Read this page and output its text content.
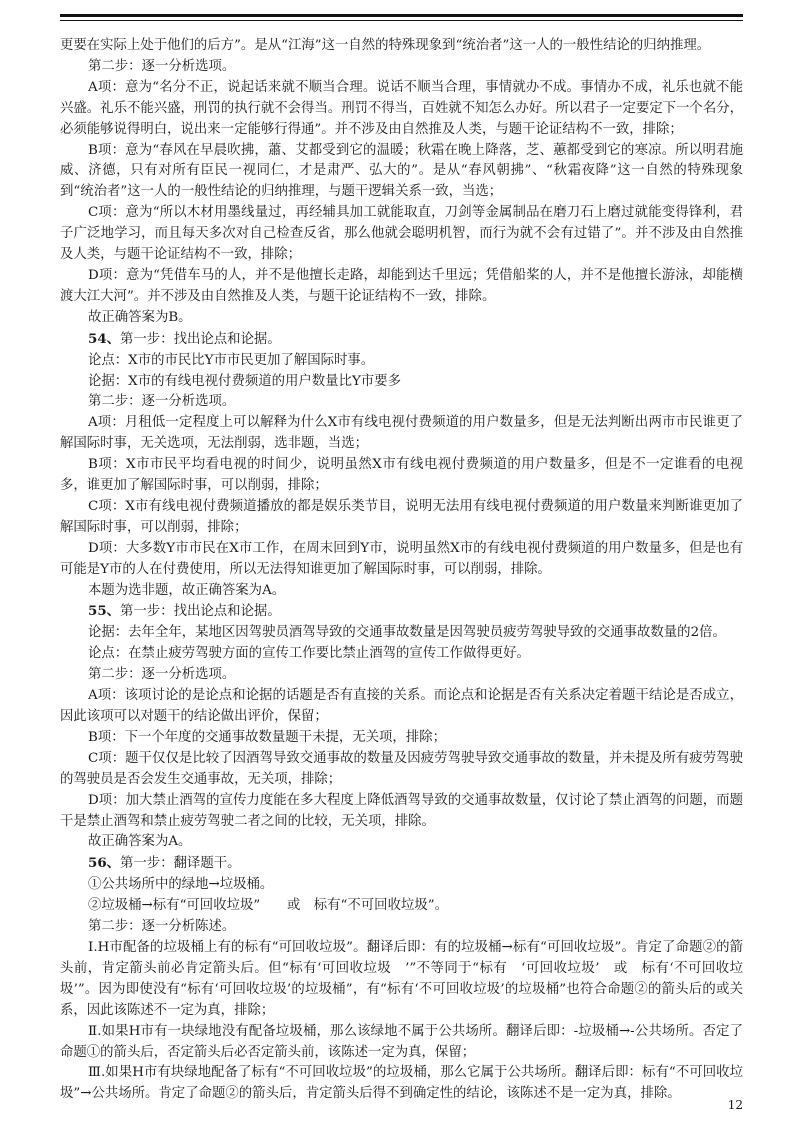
更要在实际上处于他们的后方”。是从“江海”这一自然的特殊现象到“统治者”这一人的一般性结论的归纳推理。

第二步：逐一分析选项。

A项：意为“名分不正，说起话来就不顺当合理。说话不顺当合理，事情就办不成。事情办不成，礼乐也就不能兴盛。礼乐不能兴盛，刑罚的执行就不会得当。刑罚不得当，百姓就不知怎么办好。所以君子一定要定下一个名分，必须能够说得明白，说出来一定能够行得通”。并不涉及由自然推及人类，与题干论证结构不一致，排除；

B项：意为“春风在早晨吹拂，蕭、艾都受到它的温暖；秋霜在晚上降落，芝、蕙都受到它的寒凉。所以明君施威、济德，只有对所有臣民一视同仁，才是肃严、弘大的”。是从“春风朝拂”、“秋霜夜降”这一自然的特殊现象到“统治者”这一人的一般性结论的归纳推理，与题干逻辑关系一致，当选；

C项：意为“所以木材用墨线量过，再经辅具加工就能取直，刀剑等金属制品在磨刀石上磨过就能变得锋利，君子广泛地学习，而且每天多次对自己检查反省，那么他就会聪明机智，而行为就不会有过错了”。并不涉及由自然推及人类，与题干论证结构不一致，排除；

D项：意为“凭借车马的人，并不是他擅长走路，却能到达千里远；凭借船桨的人，并不是他擅长游泳，却能横渡大江大河”。并不涉及由自然推及人类，与题干论证结构不一致，排除。

故正确答案为B。

54、第一步：找出论点和论据。

论点：X市的市民比Y市市民更加了解国际时事。

论据：X市的有线电视付费频道的用户数量比Y市要多

第二步：逐一分析选项。

A项：月租低一定程度上可以解释为什么X市有线电视付费频道的用户数量多，但是无法判断出两市市民谁更了解国际时事，无关选项，无法削弱，选非题，当选；

B项：X市市民平均看电视的时间少，说明虽然X市有线电视付费频道的用户数量多，但是不一定谁看的电视多，谁更加了解国际时事，可以削弱，排除；

C项：X市有线电视付费频道播放的都是娱乐类节目，说明无法用有线电视付费频道的用户数量来判断谁更加了解国际时事，可以削弱，排除；

D项：大多数Y市市民在X市工作，在周末回到Y市，说明虽然X市的有线电视付费频道的用户数量多，但是也有可能是Y市的人在付费使用，所以无法得知谁更加了解国际时事，可以削弱，排除。

本题为选非题，故正确答案为A。

55、第一步：找出论点和论据。

论据：去年全年，某地区因驾驶员酒驾导致的交通事故数量是因驾驶员疲劳驾驶导致的交通事故数量的2倍。

论点：在禁止疲劳驾驶方面的宣传工作要比禁止酒驾的宣传工作做得更好。

第二步：逐一分析选项。

A项：该项讨论的是论点和论据的话题是否有直接的关系。而论点和论据是否有关系决定着题干结论是否成立，因此该项可以对题干的结论做出评价，保留；

B项：下一个年度的交通事故数量题干未提，无关项，排除；

C项：题干仅仅是比较了因酒驾导致交通事故的数量及因疲劳驾驶导致交通事故的数量，并未提及所有疲劳驾驶的驾驶员是否会发生交通事故，无关项，排除；

D项：加大禁止酒驾的宣传力度能在多大程度上降低酒驾导致的交通事故数量，仅讨论了禁止酒驾的问题，而题干是禁止酒驾和禁止疲劳驾驶二者之间的比较，无关项，排除。

故正确答案为A。

56、第一步：翻译题干。

①公共场所中的绿地→垃圾桶。

②垃圾桶→标有“可回收垃圾”　　或　标有“不可回收垃圾”。

第二步：逐一分析陈述。

Ⅰ.H市配备的垃圾桶上有的标有“可回收垃圾”。翻译后即：有的垃圾桶→标有“可回收垃圾”。肯定了命题②的箭头前，肯定箭头前必肯定箭头后。但“标有‘可回收垃圾　’”不等同于“标有　‘可回收垃圾’　或　标有‘不可回收垃圾’”。因为即使没有“标有‘可回收垃圾’的垃圾桶”，有“标有‘不可回收垃圾’的垃圾桶”也符合命题②的箭头后的或关系，因此该陈述不一定为真，排除；

Ⅱ.如果H市有一块绿地没有配备垃圾桶，那么该绿地不属于公共场所。翻译后即：-垃圾桶→-公共场所。否定了命题①的箭头后，否定箭头后必否定箭头前，该陈述一定为真，保留；

Ⅲ.如果H市有块绿地配备了标有“不可回收垃圾”的垃圾桶，那么它属于公共场所。翻译后即：标有“不可回收垃圾”→公共场所。肯定了命题②的箭头后，肯定箭头后得不到确定性的结论，该陈述不是一定为真，排除。

12
